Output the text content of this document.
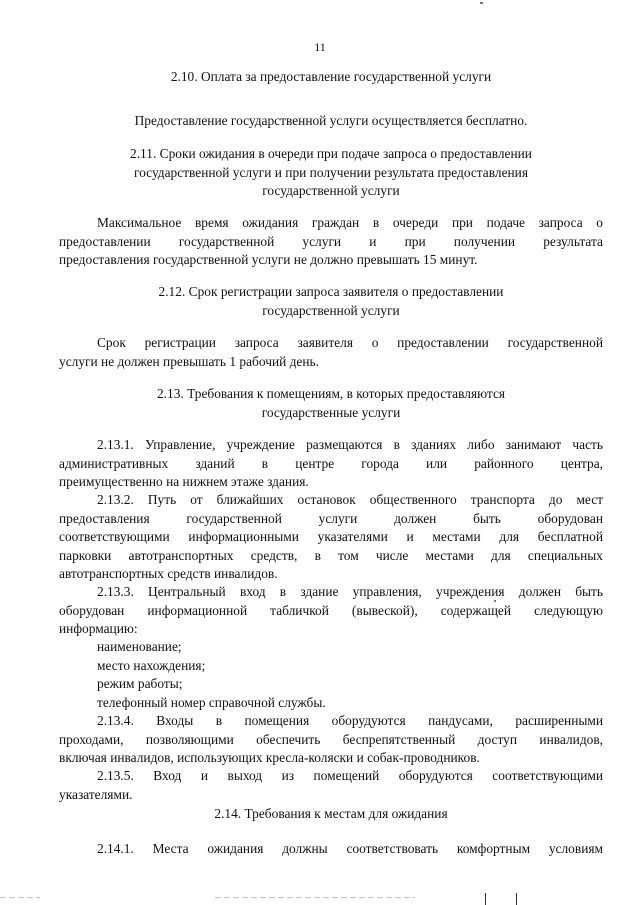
11
2.10. Оплата за предоставление государственной услуги
Предоставление государственной услуги осуществляется бесплатно.
2.11. Сроки ожидания в очереди при подаче запроса о предоставлении
государственной услуги и при получении результата предоставления
государственной услуги
Максимальное время ожидания граждан в очереди при подаче запроса о
предоставлении государственной услуги и при получении результата
предоставления государственной услуги не должно превышать 15 минут.
2.12. Срок регистрации запроса заявителя о предоставлении
государственной услуги
Срок регистрации запроса заявителя о предоставлении государственной
услуги не должен превышать 1 рабочий день.
2.13. Требования к помещениям, в которых предоставляются
государственные услуги
2.13.1. Управление, учреждение размещаются в зданиях либо занимают часть
административных зданий в центре города или районного центра,
преимущественно на нижнем этаже здания.
2.13.2. Путь от ближайших остановок общественного транспорта до мест
предоставления государственной услуги должен быть оборудован
соответствующими информационными указателями и местами для бесплатной
парковки автотранспортных средств, в том числе местами для специальных
автотранспортных средств инвалидов.
2.13.3. Центральный вход в здание управления, учреждения должен быть
оборудован информационной табличкой (вывеской), содержащей следующую
информацию:
наименование;
место нахождения;
режим работы;
телефонный номер справочной службы.
2.13.4. Входы в помещения оборудуются пандусами, расширенными
проходами, позволяющими обеспечить беспрепятственный доступ инвалидов,
включая инвалидов, использующих кресла-коляски и собак-проводников.
2.13.5. Вход и выход из помещений оборудуются соответствующими
указателями.
2.14. Требования к местам для ожидания
2.14.1. Места ожидания должны соответствовать комфортным условиям
